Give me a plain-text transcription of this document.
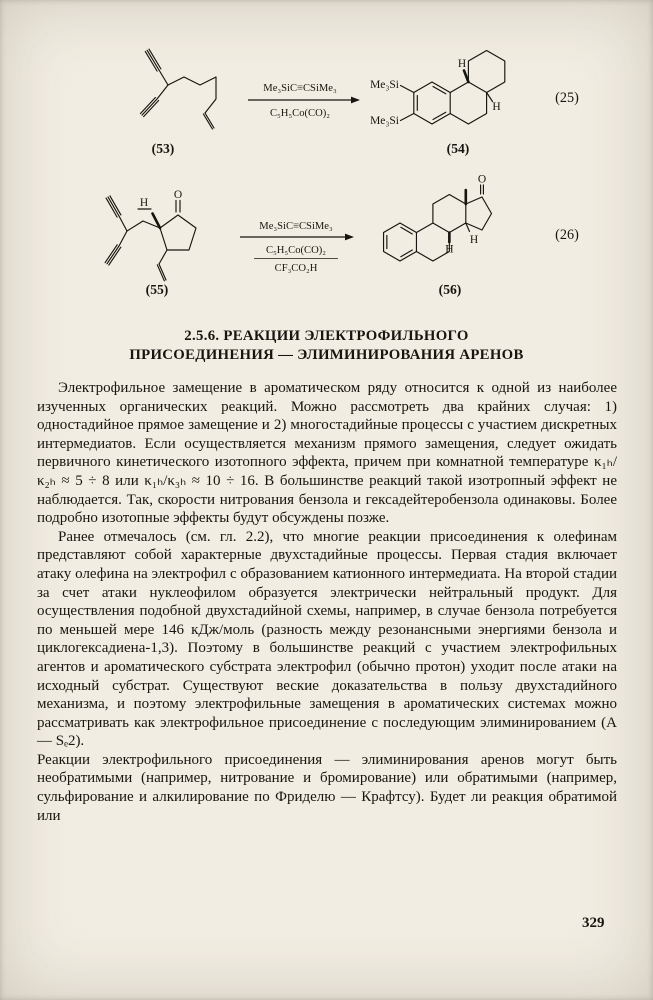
(53)
Me₃SiC≡CSiMe₃
C₅H₅Co(CO)₂
Me₃Si
Me₃Si
H
H
(54)
(25)
O
H
(55)
Me₃SiC≡CSiMe₃
C₅H₅Co(CO)₂
CF₃CO₂H
O
H
H
(56)
(26)
2.5.6. РЕАКЦИИ ЭЛЕКТРОФИЛЬНОГО
ПРИСОЕДИНЕНИЯ — ЭЛИМИНИРОВАНИЯ АРЕНОВ

Электрофильное замещение в ароматическом ряду относится к одной из наиболее изученных органических реакций. Можно рассмотреть два крайних случая: 1) одностадийное прямое замещение и 2) многостадийные процессы с участием дискретных интермедиатов. Если осуществляется механизм прямого замещения, следует ожидать первичного кинетического изотопного эффекта, причем при комнатной температуре κ₁ₕ/κ₂ₕ ≈ 5 ÷ 8 или κ₁ₕ/κ₃ₕ ≈ 10 ÷ 16. В большинстве реакций такой изотропный эффект не наблюдается. Так, скорости нитрования бензола и гексадейтеробензола одинаковы. Более подробно изотопные эффекты будут обсуждены позже.

Ранее отмечалось (см. гл. 2.2), что многие реакции присоединения к олефинам представляют собой характерные двухстадийные процессы. Первая стадия включает атаку олефина на электрофил с образованием катионного интермедиата. На второй стадии за счет атаки нуклеофилом образуется электрически нейтральный продукт. Для осуществления подобной двухстадийной схемы, например, в случае бензола потребуется по меньшей мере 146 кДж/моль (разность между резонансными энергиями бензола и циклогексадиена-1,3). Поэтому в большинстве реакций с участием электрофильных агентов и ароматического субстрата электрофил (обычно протон) уходит после атаки на исходный субстрат. Существуют веские доказательства в пользу двухстадийного механизма, и поэтому электрофильные замещения в ароматических системах можно рассматривать как электрофильное присоединение с последующим элиминированием (A — Sₑ2).

Реакции электрофильного присоединения — элиминирования аренов могут быть необратимыми (например, нитрование и бромирование) или обратимыми (например, сульфирование и алкилирование по Фриделю — Крафтсу). Будет ли реакция обратимой или

329
